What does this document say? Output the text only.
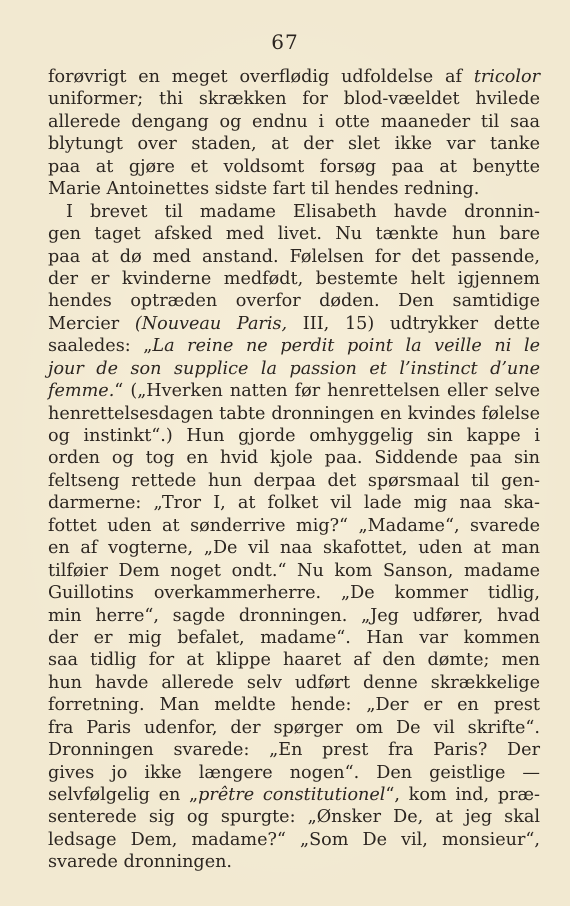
67
forøvrigt en meget overflødig udfoldelse af tricolor
uniformer; thi skrækken for blod-væeldet hvilede
allerede dengang og endnu i otte maaneder til saa
blytungt over staden, at der slet ikke var tanke
paa at gjøre et voldsomt forsøg paa at benytte
Marie Antoinettes sidste fart til hendes redning.
I brevet til madame Elisabeth havde dronnin-
gen taget afsked med livet. Nu tænkte hun bare
paa at dø med anstand. Følelsen for det passende,
der er kvinderne medfødt, bestemte helt igjennem
hendes optræden overfor døden. Den samtidige
Mercier (Nouveau Paris, III, 15) udtrykker dette
saaledes: „La reine ne perdit point la veille ni le
jour de son supplice la passion et l’instinct d’une
femme.“ („Hverken natten før henrettelsen eller selve
henrettelsesdagen tabte dronningen en kvindes følelse
og instinkt“.) Hun gjorde omhyggelig sin kappe i
orden og tog en hvid kjole paa. Siddende paa sin
feltseng rettede hun derpaa det spørsmaal til gen-
darmerne: „Tror I, at folket vil lade mig naa ska-
fottet uden at sønderrive mig?“ „Madame“, svarede
en af vogterne, „De vil naa skafottet, uden at man
tilføier Dem noget ondt.“ Nu kom Sanson, madame
Guillotins overkammerherre. „De kommer tidlig,
min herre“, sagde dronningen. „Jeg udfører, hvad
der er mig befalet, madame“. Han var kommen
saa tidlig for at klippe haaret af den dømte; men
hun havde allerede selv udført denne skrækkelige
forretning. Man meldte hende: „Der er en prest
fra Paris udenfor, der spørger om De vil skrifte“.
Dronningen svarede: „En prest fra Paris? Der
gives jo ikke længere nogen“. Den geistlige —
selvfølgelig en „prêtre constitutionel“, kom ind, præ-
senterede sig og spurgte: „Ønsker De, at jeg skal
ledsage Dem, madame?“ „Som De vil, monsieur“,
svarede dronningen.
